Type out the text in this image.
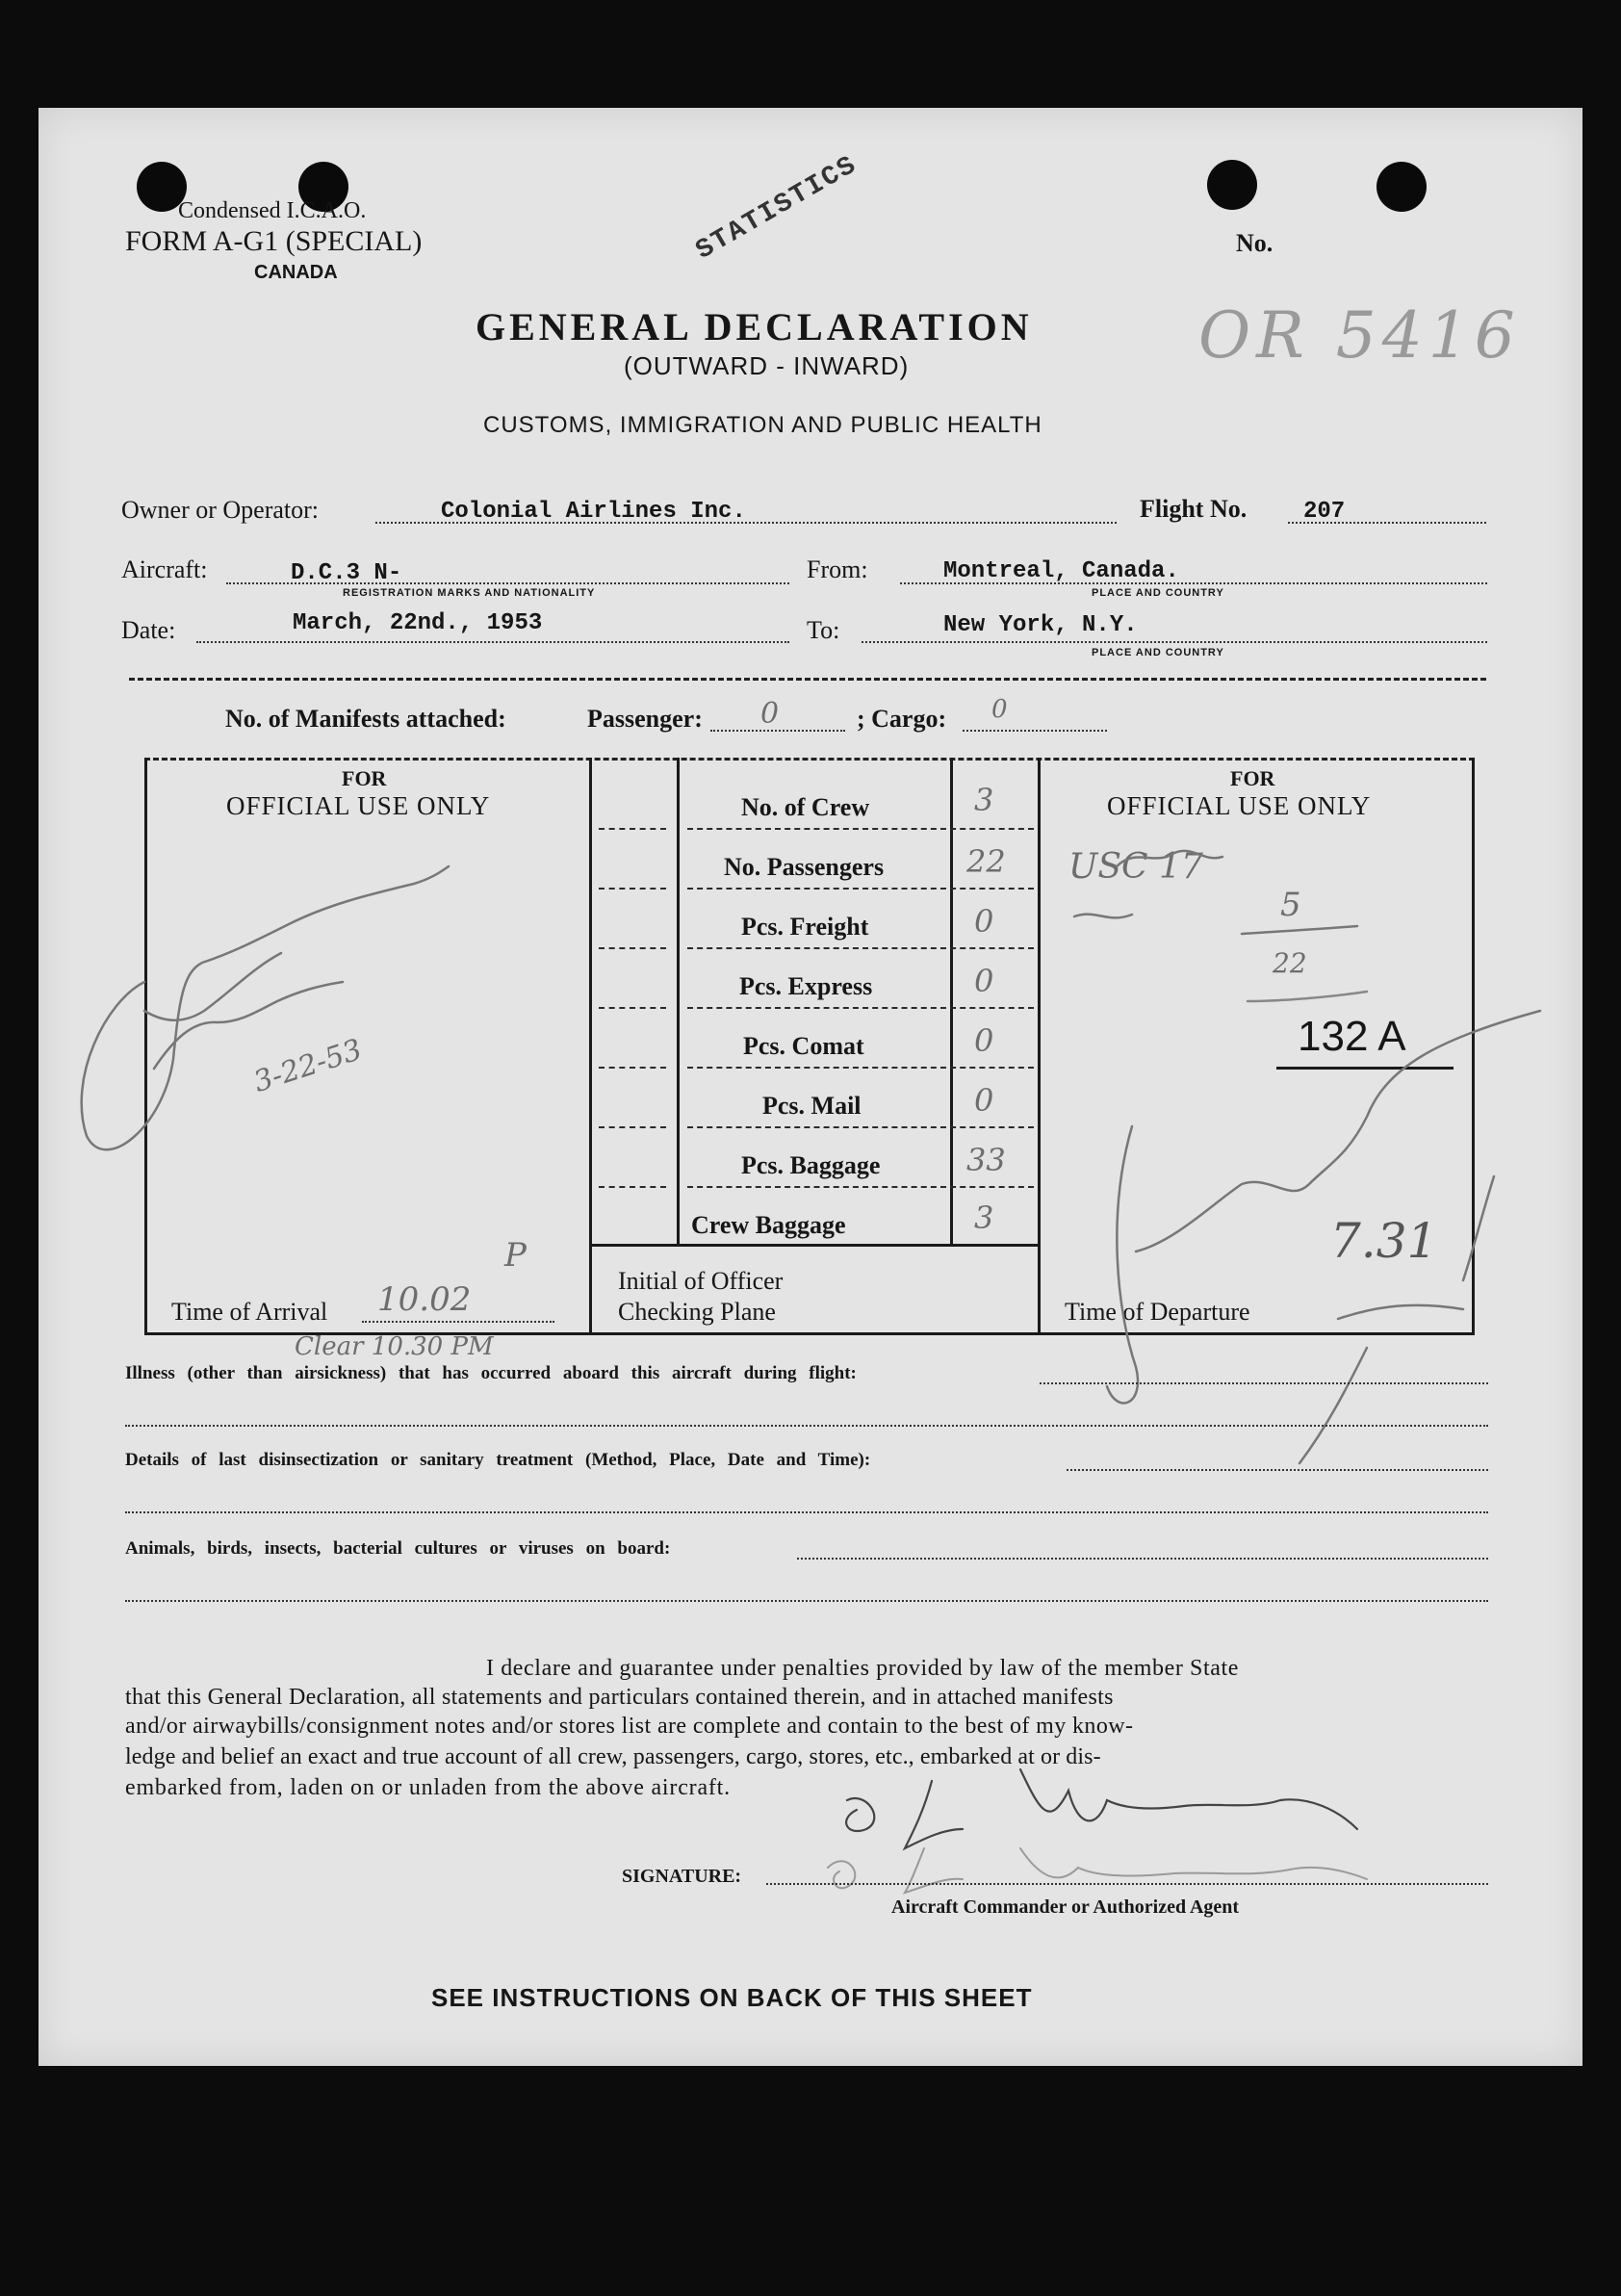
Condensed I.C.A.O.
FORM A-G1 (SPECIAL)
CANADA
No.
STATISTICS
OR 5416
GENERAL DECLARATION
(OUTWARD - INWARD)
CUSTOMS, IMMIGRATION AND PUBLIC HEALTH
Owner or Operator:	Colonial Airlines Inc.	Flight No. 207
Aircraft:	D.C.3 N-
REGISTRATION MARKS AND NATIONALITY
From:	Montreal, Canada.
PLACE AND COUNTRY
Date:	March, 22nd., 1953	To:	New York, N.Y.
PLACE AND COUNTRY
No. of Manifests attached:	Passenger: 0	; Cargo: 0
FOR
OFFICIAL USE ONLY
FOR
OFFICIAL USE ONLY
No. of Crew	3
No. Passengers	22
Pcs. Freight	0
Pcs. Express	0
Pcs. Comat	0
Pcs. Mail	0
Pcs. Baggage	33
Crew Baggage	3
Time of Arrival 10.02
P
Initial of Officer
Checking Plane	Time of Departure
7.31
132 A
3-22-53
USC 17
5
22
Clear 10.30 PM
Illness (other than airsickness) that has occurred aboard this aircraft during flight:
Details of last disinsectization or sanitary treatment (Method, Place, Date and Time):
Animals, birds, insects, bacterial cultures or viruses on board:
I declare and guarantee under penalties provided by law of the member State
that this General Declaration, all statements and particulars contained therein, and in attached manifests
and/or airwaybills/consignment notes and/or stores list are complete and contain to the best of my know-
ledge and belief an exact and true account of all crew, passengers, cargo, stores, etc., embarked at or dis-
embarked from, laden on or unladen from the above aircraft.
SIGNATURE:
Aircraft Commander or Authorized Agent
SEE INSTRUCTIONS ON BACK OF THIS SHEET
